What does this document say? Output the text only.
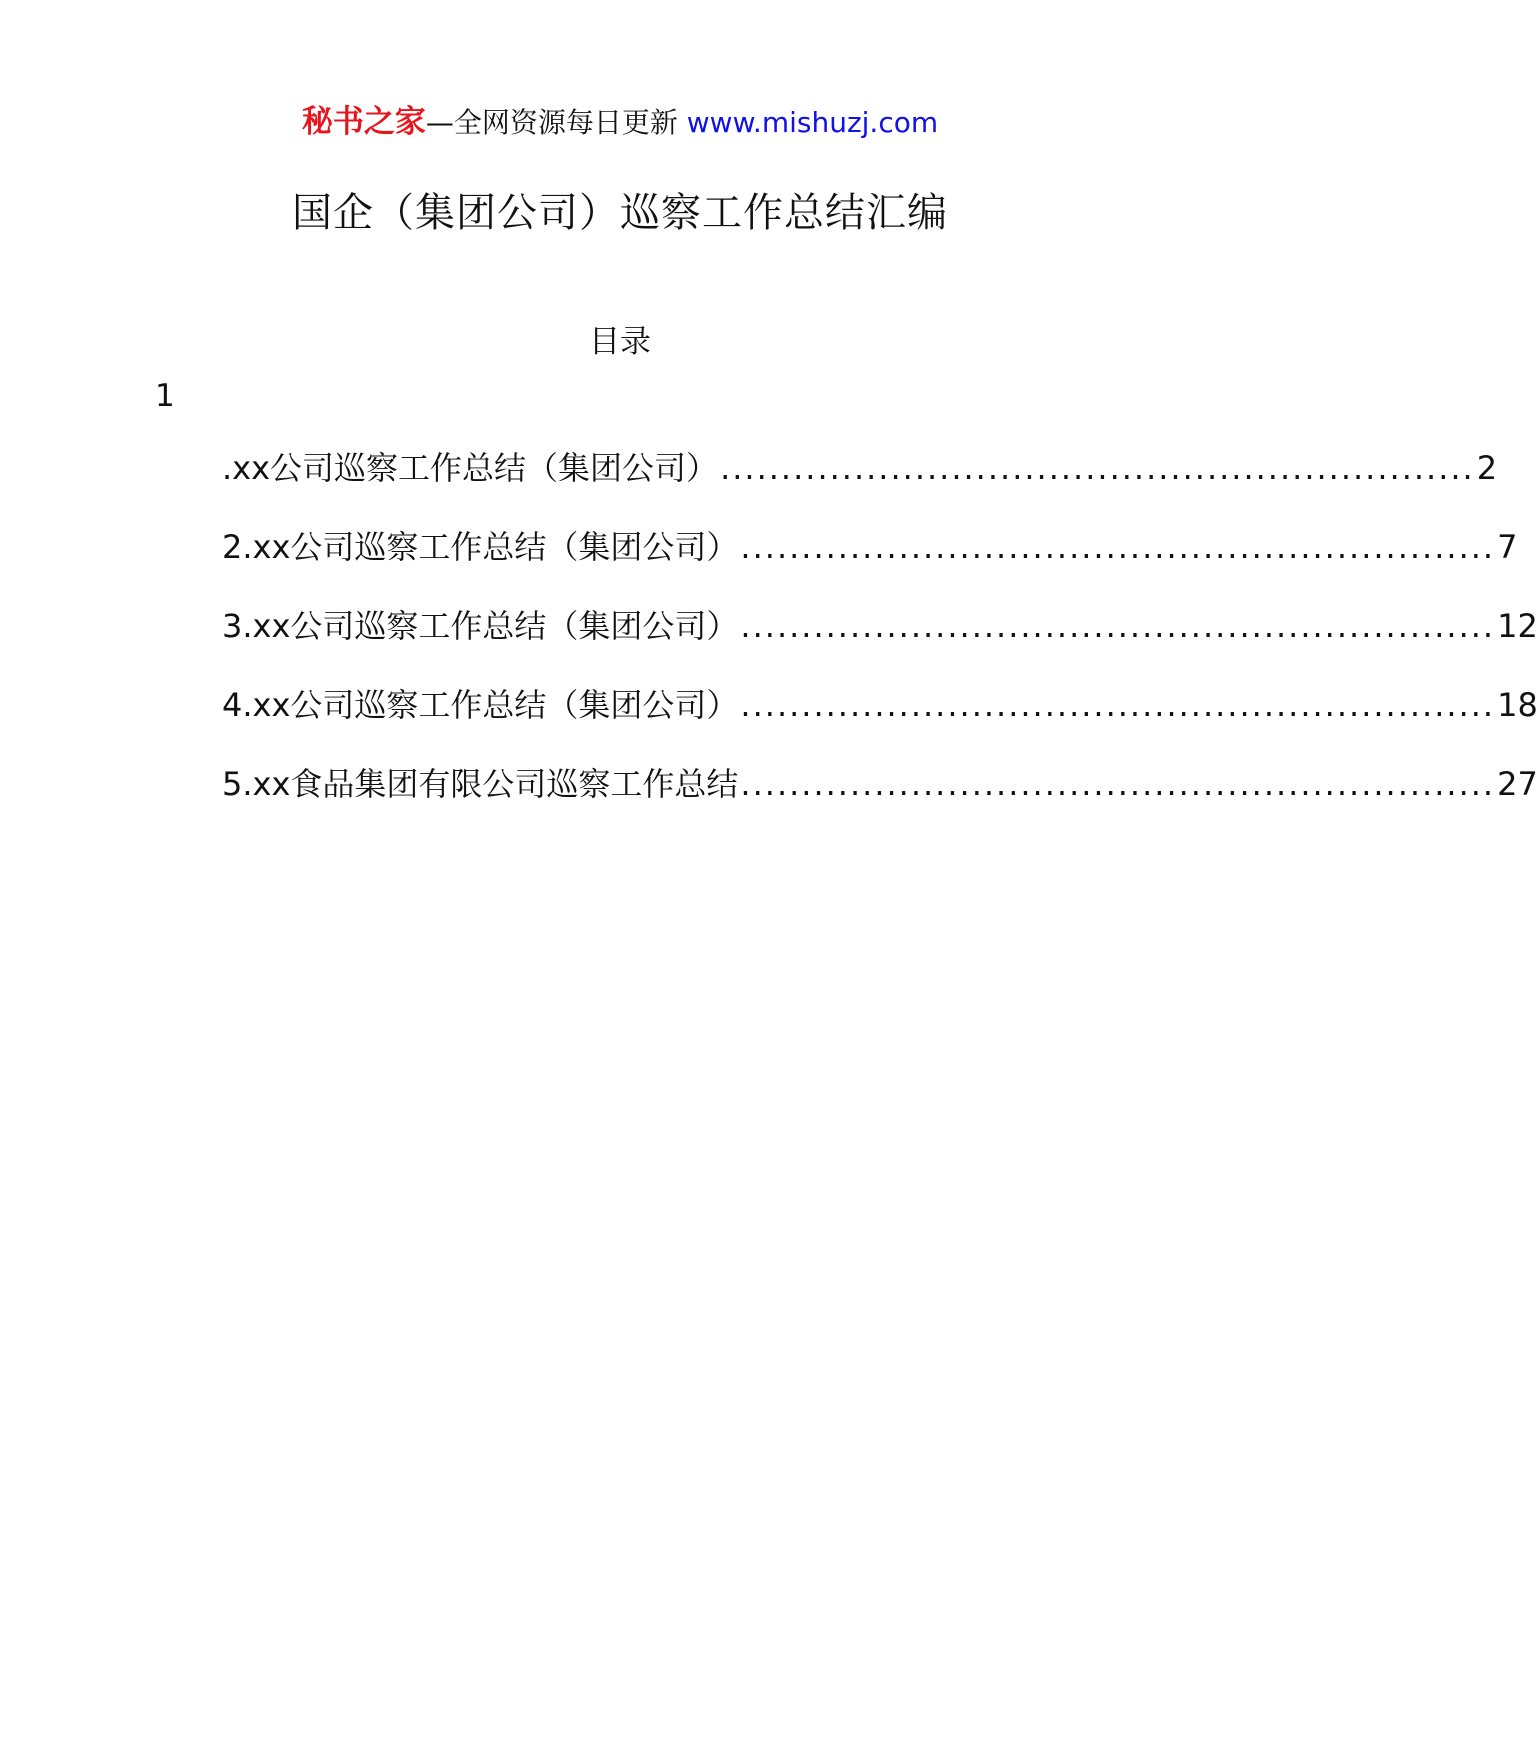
秘书之家—全网资源每日更新 www.mishuzj.com
国企（集团公司）巡察工作总结汇编
目录
1
.xx公司巡察工作总结（集团公司） .............................................................. 2
2.xx公司巡察工作总结（集团公司） .............................................................. 7
3.xx公司巡察工作总结（集团公司） .............................................................. 12
4.xx公司巡察工作总结（集团公司） .............................................................. 18
5.xx食品集团有限公司巡察工作总结 .............................................................. 27
